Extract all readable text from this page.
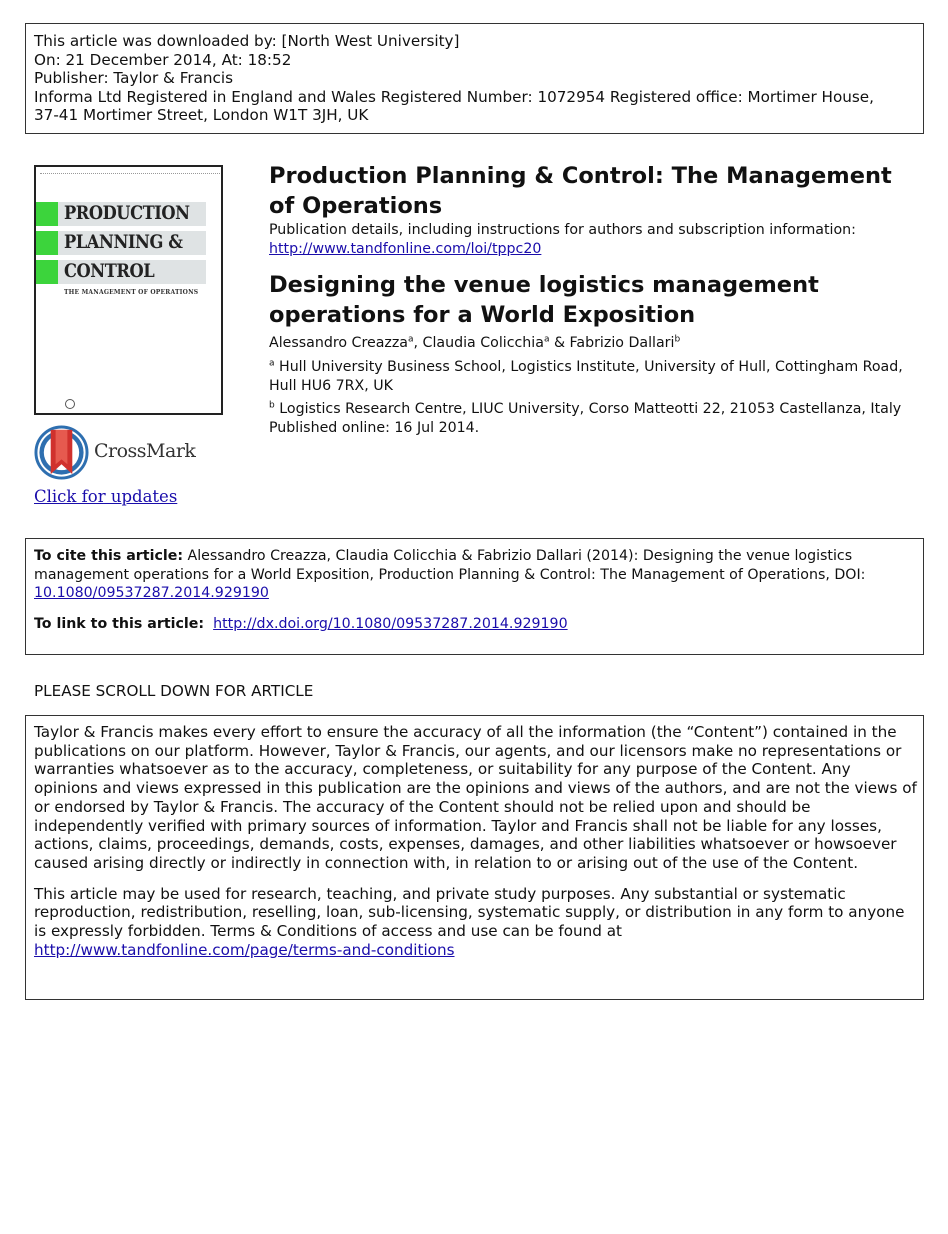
This article was downloaded by: [North West University]
On: 21 December 2014, At: 18:52
Publisher: Taylor & Francis
Informa Ltd Registered in England and Wales Registered Number: 1072954 Registered office: Mortimer House,
37-41 Mortimer Street, London W1T 3JH, UK
PRODUCTION
PLANNING &
CONTROL
THE MANAGEMENT OF OPERATIONS
CrossMark
Click for updates
Production Planning & Control: The Management of Operations
Publication details, including instructions for authors and subscription information:
http://www.tandfonline.com/loi/tppc20
Designing the venue logistics management operations for a World Exposition
Alessandro Creazza$^a$, Claudia Colicchia$^a$ & Fabrizio Dallari$^b$
$^a$ Hull University Business School, Logistics Institute, University of Hull, Cottingham Road, Hull HU6 7RX, UK
$^b$ Logistics Research Centre, LIUC University, Corso Matteotti 22, 21053 Castellanza, Italy
Published online: 16 Jul 2014.
To cite this article: Alessandro Creazza, Claudia Colicchia & Fabrizio Dallari (2014): Designing the venue logistics management operations for a World Exposition, Production Planning & Control: The Management of Operations, DOI: 10.1080/09537287.2014.929190
To link to this article: http://dx.doi.org/10.1080/09537287.2014.929190
PLEASE SCROLL DOWN FOR ARTICLE

Taylor & Francis makes every effort to ensure the accuracy of all the information (the “Content”) contained in the publications on our platform. However, Taylor & Francis, our agents, and our licensors make no representations or warranties whatsoever as to the accuracy, completeness, or suitability for any purpose of the Content. Any opinions and views expressed in this publication are the opinions and views of the authors, and are not the views of or endorsed by Taylor & Francis. The accuracy of the Content should not be relied upon and should be independently verified with primary sources of information. Taylor and Francis shall not be liable for any losses, actions, claims, proceedings, demands, costs, expenses, damages, and other liabilities whatsoever or howsoever caused arising directly or indirectly in connection with, in relation to or arising out of the use of the Content.

This article may be used for research, teaching, and private study purposes. Any substantial or systematic reproduction, redistribution, reselling, loan, sub-licensing, systematic supply, or distribution in any form to anyone is expressly forbidden. Terms & Conditions of access and use can be found at http://www.tandfonline.com/page/terms-and-conditions
